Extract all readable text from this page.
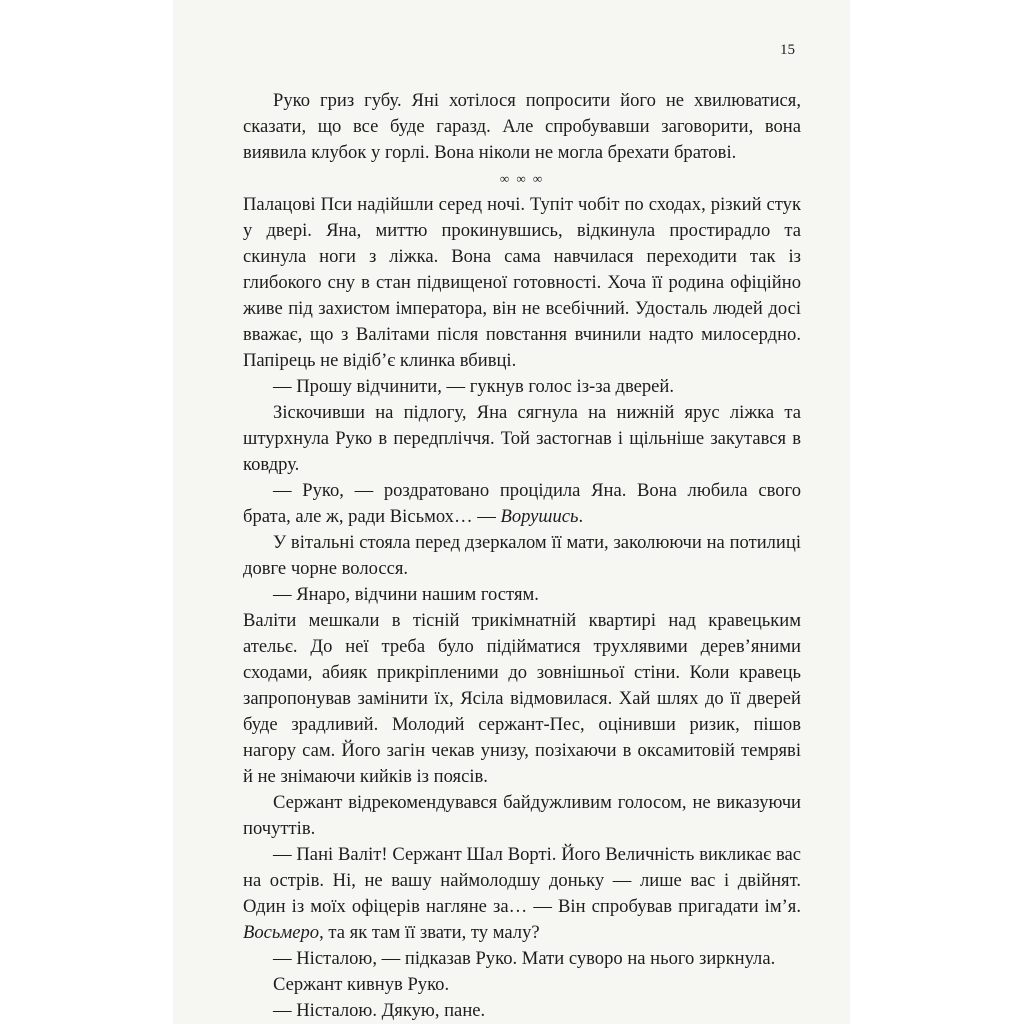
15

Руко гриз губу. Яні хотілося попросити його не хвилюватися, сказати, що все буде гаразд. Але спробувавши заговорити, вона виявила клубок у горлі. Вона ніколи не могла брехати братові.

∞ ∞ ∞

Палацові Пси надійшли серед ночі. Тупіт чобіт по сходах, різкий стук у двері. Яна, миттю прокинувшись, відкинула простирадло та скинула ноги з ліжка. Вона сама навчилася переходити так із глибокого сну в стан підвищеної готовності. Хоча її родина офіційно живе під захистом імператора, він не всебічний. Удосталь людей досі вважає, що з Валітами після повстання вчинили надто милосердно. Папірець не відіб’є клинка вбивці.

— Прошу відчинити, — гукнув голос із-за дверей.

Зіскочивши на підлогу, Яна сягнула на нижній ярус ліжка та штурхнула Руко в передпліччя. Той застогнав і щільніше закутався в ковдру.

— Руко, — роздратовано процідила Яна. Вона любила свого брата, але ж, ради Вісьмох… — Ворушись.

У вітальні стояла перед дзеркалом її мати, заколюючи на потилиці довге чорне волосся.

— Янаро, відчини нашим гостям.

Валіти мешкали в тісній трикімнатній квартирі над кравецьким ательє. До неї треба було підійматися трухлявими дерев’яними сходами, абияк прикріпленими до зовнішньої стіни. Коли кравець запропонував замінити їх, Ясіла відмовилася. Хай шлях до її дверей буде зрадливий. Молодий сержант-Пес, оцінивши ризик, пішов нагору сам. Його загін чекав унизу, позіхаючи в оксамитовій темряві й не знімаючи кийків із поясів.

Сержант відрекомендувався байдужливим голосом, не виказуючи почуттів.

— Пані Валіт! Сержант Шал Ворті. Його Величність викликає вас на острів. Ні, не вашу наймолодшу доньку — лише вас і двійнят. Один із моїх офіцерів нагляне за… — Він спробував пригадати ім’я. Восьмеро, та як там її звати, ту малу?

— Ністалою, — підказав Руко. Мати суворо на нього зиркнула.

Сержант кивнув Руко.

— Ністалою. Дякую, пане.
